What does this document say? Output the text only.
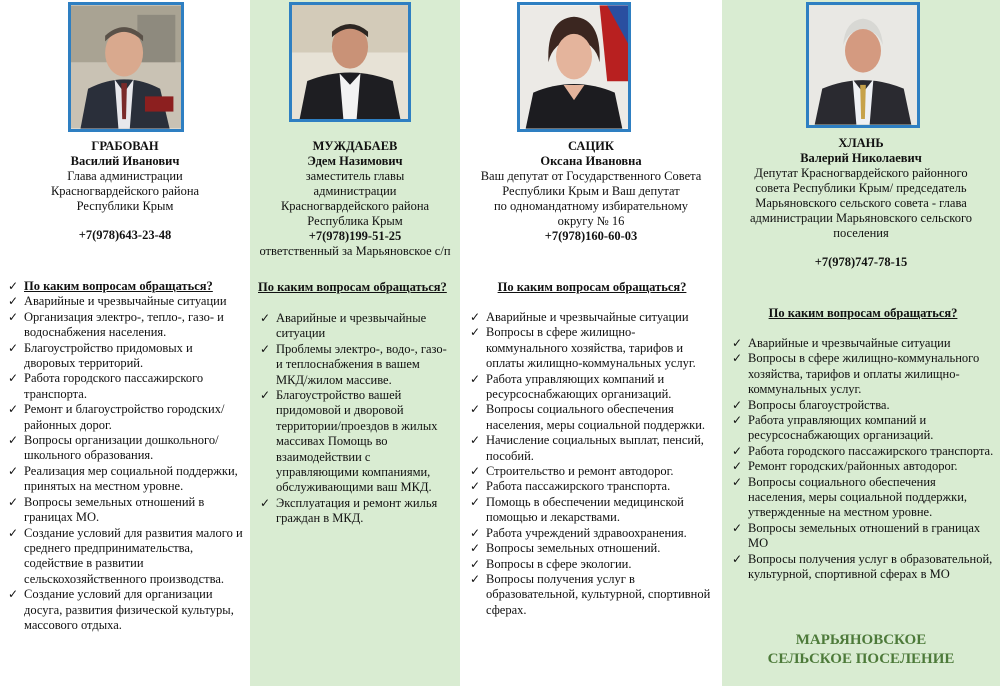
ГРАБОВАН
Василий Иванович
Глава администрации
Красногвардейского района
Республики Крым
+7(978)643-23-48
✓ По каким вопросам обращаться?
✓ Аварийные и чрезвычайные ситуации
✓ Организация электро-, тепло-, газо- и водоснабжения населения.
✓ Благоустройство придомовых и дворовых территорий.
✓ Работа городского пассажирского транспорта.
✓ Ремонт и благоустройство городских/районных дорог.
✓ Вопросы организации дошкольного/школьного образования.
✓ Реализация мер социальной поддержки, принятых на местном уровне.
✓ Вопросы земельных отношений в границах МО.
✓ Создание условий для развития малого и среднего предпринимательства, содействие в развитии сельскохозяйственного производства.
✓ Создание условий для организации досуга, развития физической культуры, массового отдыха.
МУЖДАБАЕВ
Эдем Назимович
заместитель главы
администрации
Красногвардейского района
Республика Крым
+7(978)199-51-25
ответственный за Марьяновское с/п
По каким вопросам обращаться?
✓ Аварийные и чрезвычайные ситуации
✓ Проблемы электро-, водо-, газо- и теплоснабжения в вашем МКД/жилом массиве.
✓ Благоустройство вашей придомовой и дворовой территории/проездов в жилых массивах Помощь во взаимодействии с управляющими компаниями, обслуживающими ваш МКД.
✓ Эксплуатация и ремонт жилья граждан в МКД.
САЦИК
Оксана Ивановна
Ваш депутат от Государственного Совета
Республики Крым и Ваш депутат
по одномандатному избирательному
округу № 16
+7(978)160-60-03
По каким вопросам обращаться?
✓ Аварийные и чрезвычайные ситуации
✓ Вопросы в сфере жилищно-коммунального хозяйства, тарифов и оплаты жилищно-коммунальных услуг.
✓ Работа управляющих компаний и ресурсоснабжающих организаций.
✓ Вопросы социального обеспечения населения, меры социальной поддержки.
✓ Начисление социальных выплат, пенсий, пособий.
✓ Строительство и ремонт автодорог.
✓ Работа пассажирского транспорта.
✓ Помощь в обеспечении медицинской помощью и лекарствами.
✓ Работа учреждений здравоохранения.
✓ Вопросы земельных отношений.
✓ Вопросы в сфере экологии.
✓ Вопросы получения услуг в образовательной, культурной, спортивной сферах.
ХЛАНЬ
Валерий Николаевич
Депутат Красногвардейского районного
совета Республики Крым/ председатель
Марьяновского сельского совета - глава
администрации Марьяновского сельского
поселения
+7(978)747-78-15
По каким вопросам обращаться?
✓ Аварийные и чрезвычайные ситуации
✓ Вопросы в сфере жилищно-коммунального хозяйства, тарифов и оплаты жилищно-коммунальных услуг.
✓ Вопросы благоустройства.
✓ Работа управляющих компаний и ресурсоснабжающих организаций.
✓ Работа городского пассажирского транспорта.
✓ Ремонт городских/районных автодорог.
✓ Вопросы социального обеспечения населения, меры социальной поддержки, утвержденные на местном уровне.
✓ Вопросы земельных отношений в границах МО
✓ Вопросы получения услуг в образовательной, культурной, спортивной сферах в МО
МАРЬЯНОВСКОЕ
СЕЛЬСКОЕ ПОСЕЛЕНИЕ
